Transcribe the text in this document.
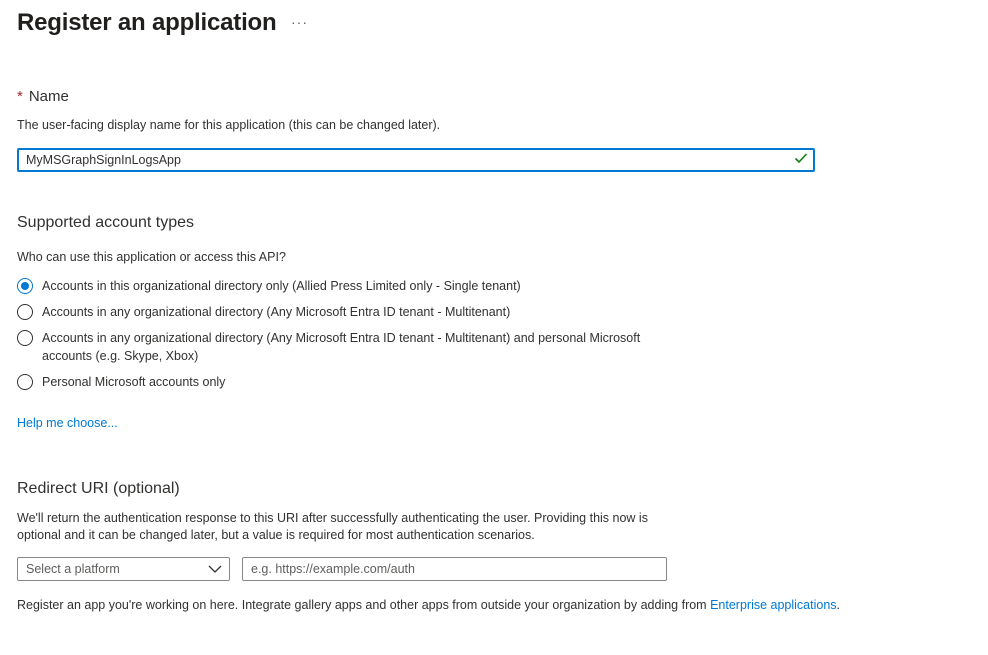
Register an application ···
* Name
The user-facing display name for this application (this can be changed later).
MyMSGraphSignInLogsApp
Supported account types
Who can use this application or access this API?
Accounts in this organizational directory only (Allied Press Limited only - Single tenant)
Accounts in any organizational directory (Any Microsoft Entra ID tenant - Multitenant)
Accounts in any organizational directory (Any Microsoft Entra ID tenant - Multitenant) and personal Microsoft accounts (e.g. Skype, Xbox)
Personal Microsoft accounts only
Help me choose...
Redirect URI (optional)
We'll return the authentication response to this URI after successfully authenticating the user. Providing this now is optional and it can be changed later, but a value is required for most authentication scenarios.
Select a platform
e.g. https://example.com/auth
Register an app you're working on here. Integrate gallery apps and other apps from outside your organization by adding from Enterprise applications.
